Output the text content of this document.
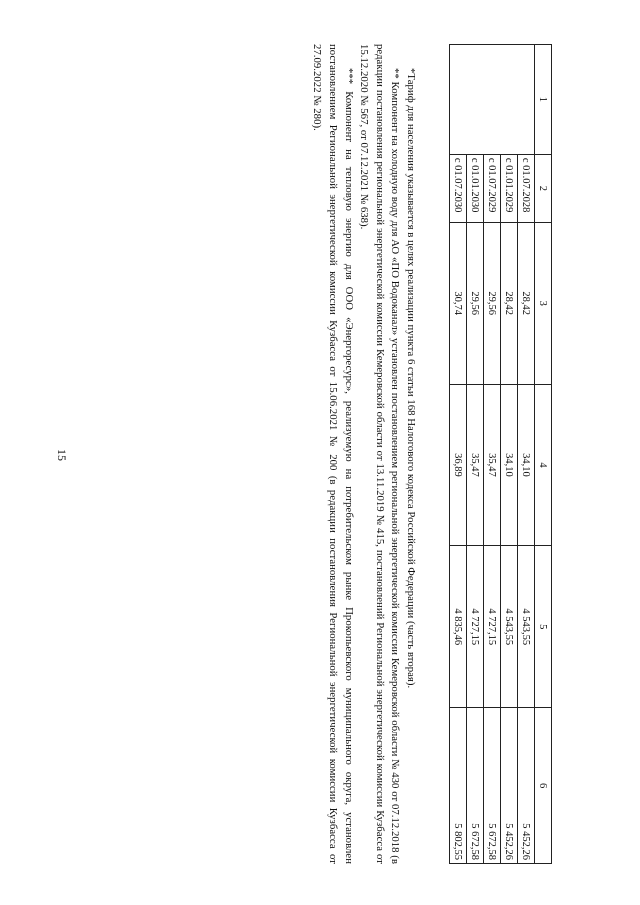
15
1	2	3	4	5	6
	с 01.07.2028	28,42	34,10	4 543,55	5 452,26
	с 01.01.2029	28,42	34,10	4 543,55	5 452,26
	с 01.07.2029	29,56	35,47	4 727,15	5 672,58
	с 01.01.2030	29,56	35,47	4 727,15	5 672,58
	с 01.07.2030	30,74	36,89	4 835,46	5 802,55

*Тариф для населения указывается в целях реализации пункта 6 статьи 168 Налогового кодекса Российской Федерации (часть вторая).

** Компонент на холодную воду для АО «ПО Водоканал» установлен постановлением региональной энергетической комиссии Кемеровской области № 430 от 07.12.2018 (в редакции постановления региональной энергетической комиссии Кемеровской области от 13.11.2019 № 415, постановлений Региональной энергетической комиссии Кузбасса от 15.12.2020 № 567, от 07.12.2021 № 638).

*** Компонент на тепловую энергию для ООО «Энергоресурс», реализуемую на потребительском рынке Прокопьевского муниципального округа, установлен постановлением Региональной энергетической комиссии Кузбасса от 15.06.2021 № 200 (в редакции постановления Региональной энергетической комиссии Кузбасса от 27.09.2022 № 280).
